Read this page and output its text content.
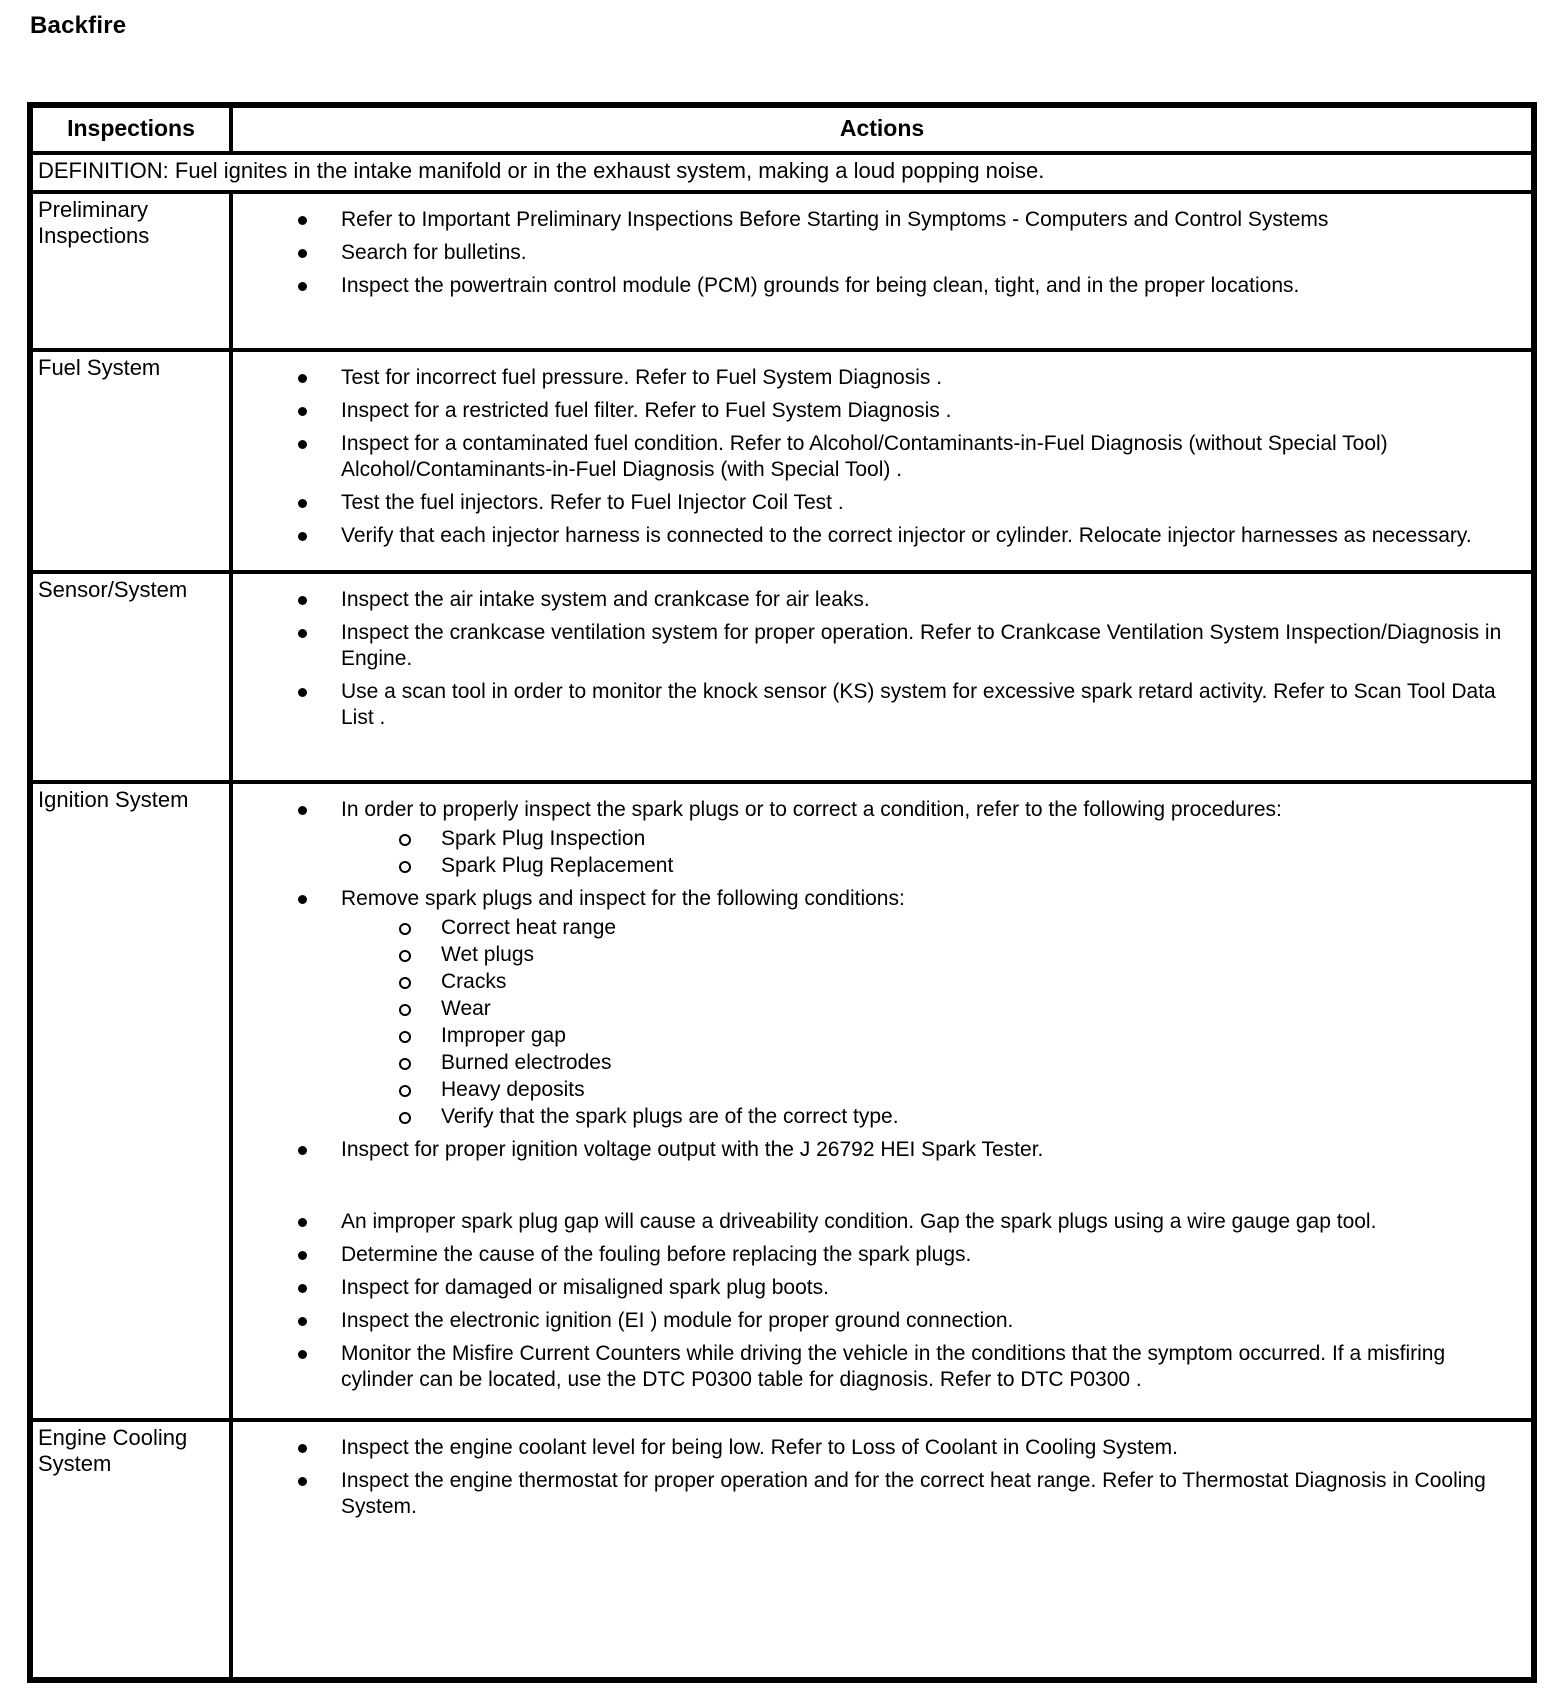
Backfire
Inspections	Actions
DEFINITION: Fuel ignites in the intake manifold or in the exhaust system, making a loud popping noise.	
Preliminary Inspections	
Refer to Important Preliminary Inspections Before Starting in Symptoms - Computers and Control Systems
Search for bulletins.
Inspect the powertrain control module (PCM) grounds for being clean, tight, and in the proper locations.

Fuel System	Test for incorrect fuel pressure. Refer to Fuel System Diagnosis .
Inspect for a restricted fuel filter. Refer to Fuel System Diagnosis .
Inspect for a contaminated fuel condition. Refer to Alcohol/Contaminants-in-Fuel Diagnosis (without Special Tool) Alcohol/Contaminants-in-Fuel Diagnosis (with Special Tool) .
Test the fuel injectors. Refer to Fuel Injector Coil Test .
Verify that each injector harness is connected to the correct injector or cylinder. Relocate injector harnesses as necessary.

Sensor/System	Inspect the air intake system and crankcase for air leaks.
Inspect the crankcase ventilation system for proper operation. Refer to Crankcase Ventilation System Inspection/Diagnosis in Engine.
Use a scan tool in order to monitor the knock sensor (KS) system for excessive spark retard activity. Refer to Scan Tool Data List .

Ignition System	In order to properly inspect the spark plugs or to correct a condition, refer to the following procedures:
Spark Plug Inspection
Spark Plug Replacement
Remove spark plugs and inspect for the following conditions:
Correct heat range
Wet plugs
Cracks
Wear
Improper gap
Burned electrodes
Heavy deposits
Verify that the spark plugs are of the correct type.
Inspect for proper ignition voltage output with the J 26792 HEI Spark Tester.
An improper spark plug gap will cause a driveability condition. Gap the spark plugs using a wire gauge gap tool.
Determine the cause of the fouling before replacing the spark plugs.
Inspect for damaged or misaligned spark plug boots.
Inspect the electronic ignition (EI ) module for proper ground connection.
Monitor the Misfire Current Counters while driving the vehicle in the conditions that the symptom occurred. If a misfiring cylinder can be located, use the DTC P0300 table for diagnosis. Refer to DTC P0300 .

Engine Cooling System	
Inspect the engine coolant level for being low. Refer to Loss of Coolant in Cooling System.
Inspect the engine thermostat for proper operation and for the correct heat range. Refer to Thermostat Diagnosis in Cooling System.
